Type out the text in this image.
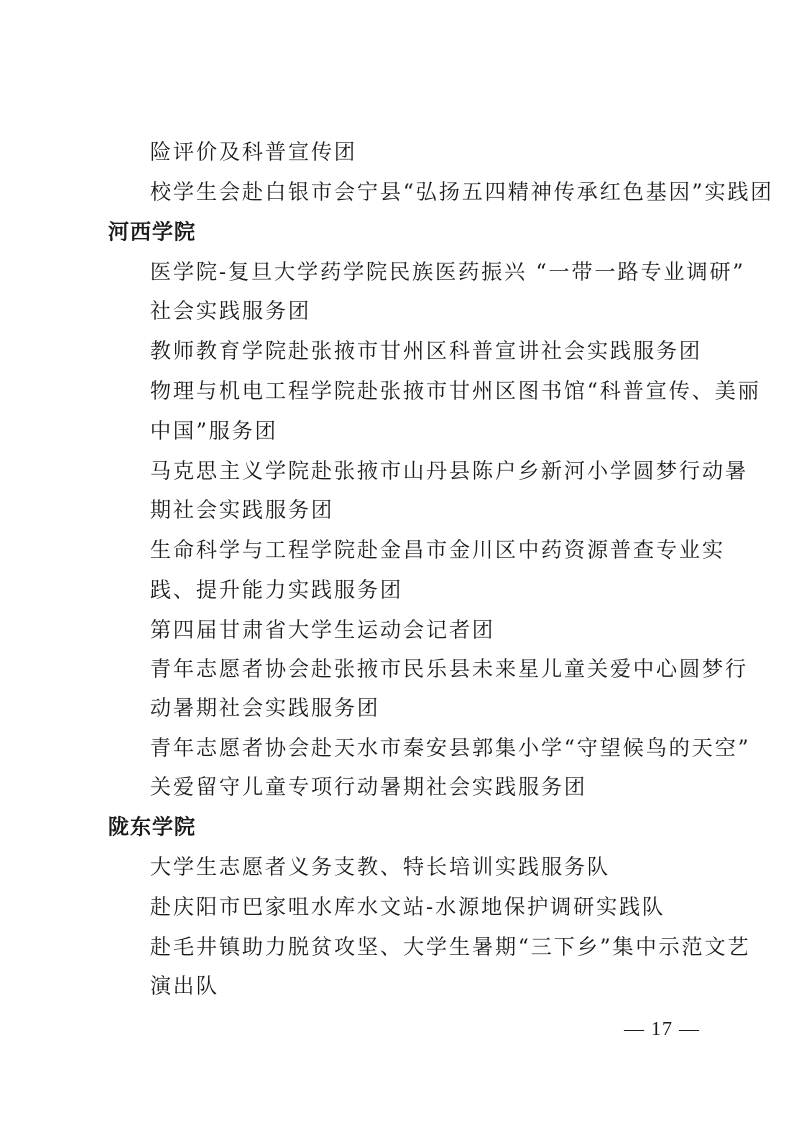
险评价及科普宣传团
校学生会赴白银市会宁县“弘扬五四精神传承红色基因”实践团
河西学院
医学院-复旦大学药学院民族医药振兴 “一带一路专业调研”
社会实践服务团
教师教育学院赴张掖市甘州区科普宣讲社会实践服务团
物理与机电工程学院赴张掖市甘州区图书馆“科普宣传、美丽
中国”服务团
马克思主义学院赴张掖市山丹县陈户乡新河小学圆梦行动暑
期社会实践服务团
生命科学与工程学院赴金昌市金川区中药资源普查专业实
践、提升能力实践服务团
第四届甘肃省大学生运动会记者团
青年志愿者协会赴张掖市民乐县未来星儿童关爱中心圆梦行
动暑期社会实践服务团
青年志愿者协会赴天水市秦安县郭集小学“守望候鸟的天空”
关爱留守儿童专项行动暑期社会实践服务团
陇东学院
大学生志愿者义务支教、特长培训实践服务队
赴庆阳市巴家咀水库水文站-水源地保护调研实践队
赴毛井镇助力脱贫攻坚、大学生暑期“三下乡”集中示范文艺
演出队
— 17 —
